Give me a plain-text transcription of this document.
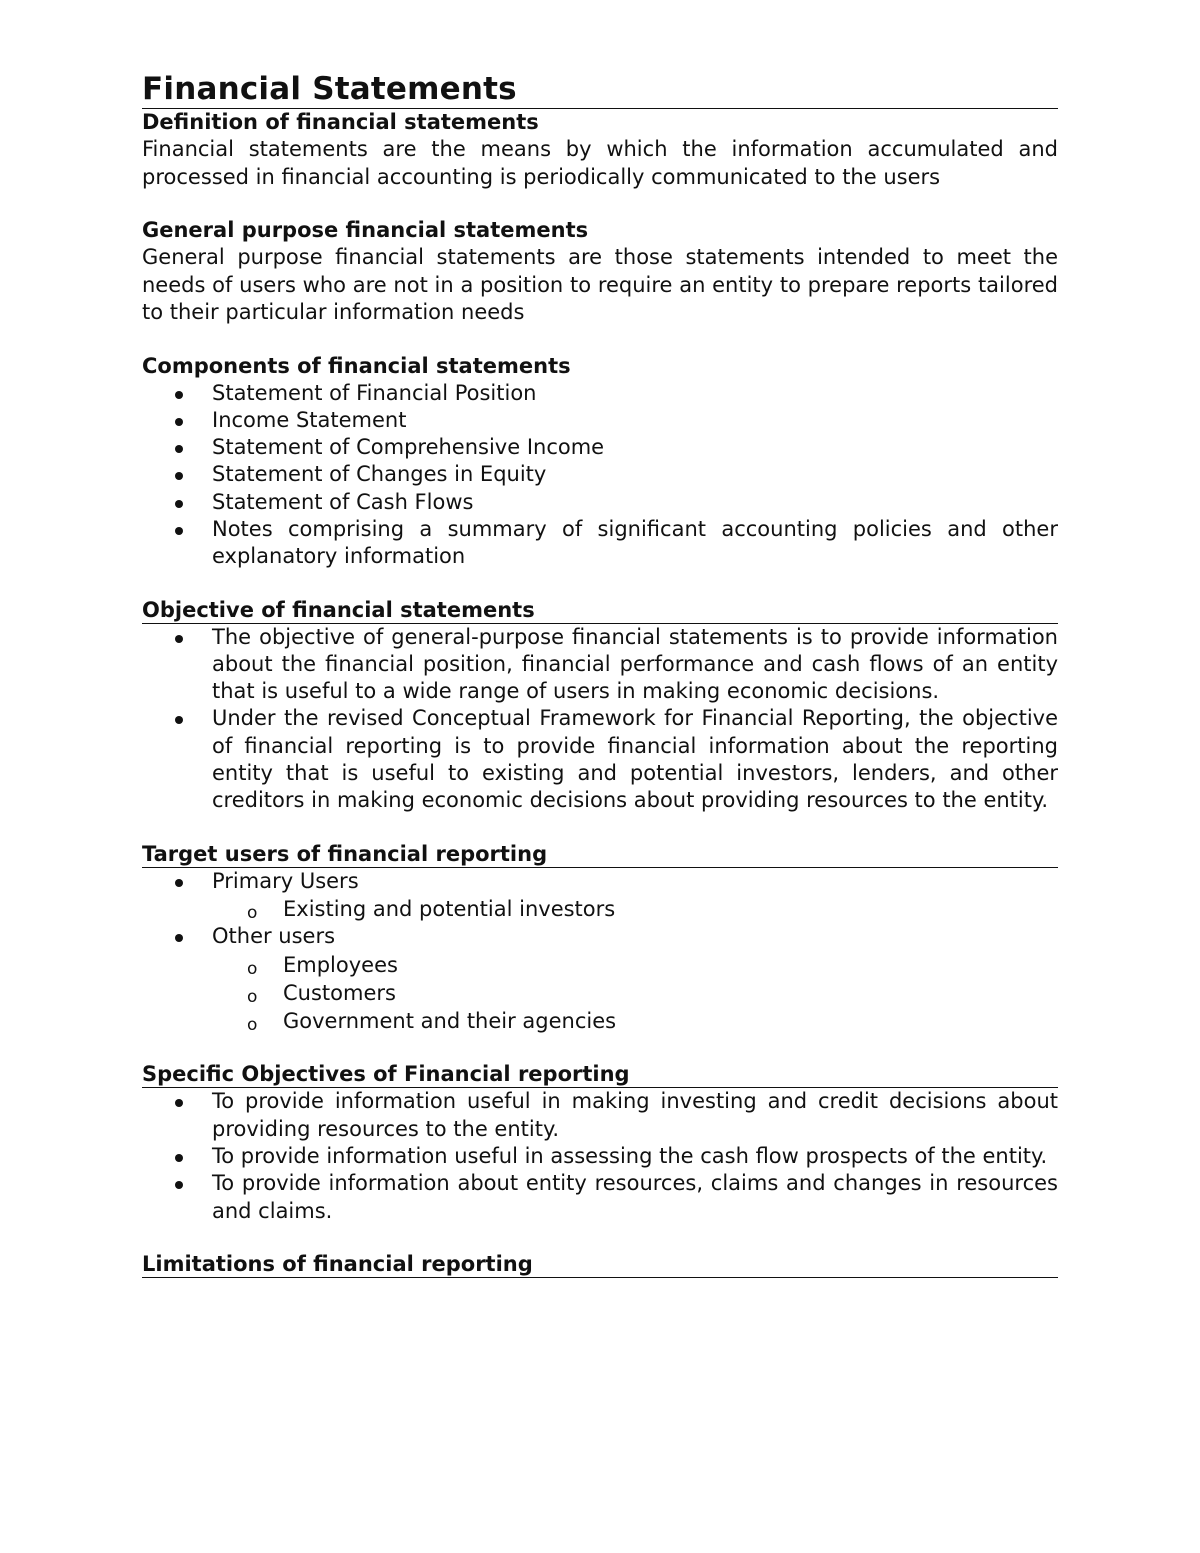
Financial Statements
Definition of financial statements

Financial statements are the means by which the information accumulated and processed in financial accounting is periodically communicated to the users

General purpose financial statements

General purpose financial statements are those statements intended to meet the needs of users who are not in a position to require an entity to prepare reports tailored to their particular information needs

Components of financial statements
Statement of Financial Position
Income Statement
Statement of Comprehensive Income
Statement of Changes in Equity
Statement of Cash Flows
Notes comprising a summary of significant accounting policies and other explanatory information
Objective of financial statements
The objective of general-purpose financial statements is to provide information about the financial position, financial performance and cash flows of an entity that is useful to a wide range of users in making economic decisions.
Under the revised Conceptual Framework for Financial Reporting, the objective of financial reporting is to provide financial information about the reporting entity that is useful to existing and potential investors, lenders, and other creditors in making economic decisions about providing resources to the entity.
Target users of financial reporting
Primary Users
o Existing and potential investors
Other users
o Employees
o Customers
o Government and their agencies
Specific Objectives of Financial reporting
To provide information useful in making investing and credit decisions about providing resources to the entity.
To provide information useful in assessing the cash flow prospects of the entity.
To provide information about entity resources, claims and changes in resources and claims.
Limitations of financial reporting
